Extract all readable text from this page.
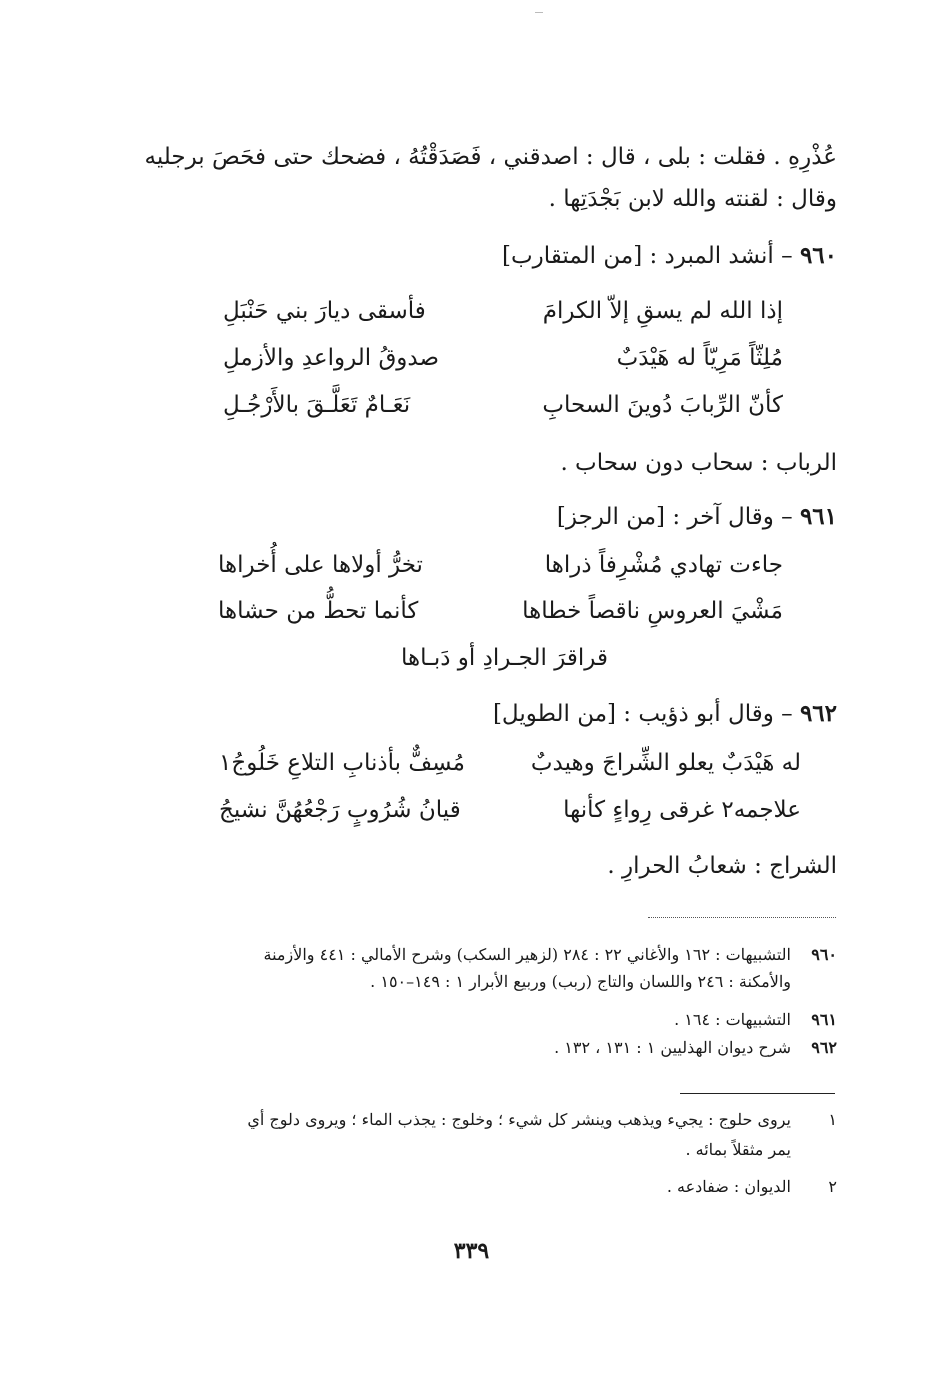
عُذْرِهِ . فقلت : بلى ، قال : اصدقني ، فَصَدَقْتُهُ ، فضحك حتى فحَصَ برجليه
وقال : لقنته والله لابن بَجْدَتِها .
٩٦٠ – أنشد المبرد : [من المتقارب]
إذا الله لم يسقِ إلاّ الكرامَ
فأسقى ديارَ بني حَنْبَلِ
مُلِثّاً مَرِيّاً له هَيْدَبٌ
صدوقُ الرواعدِ والأزملِ
كأنّ الرِّبابَ دُوينَ السحابِ
نَعَـامٌ تَعَلَّـقَ بالأَرْجُـلِ
الرباب : سحاب دون سحاب .
٩٦١ – وقال آخر : [من الرجز]
جاءت تهادي مُشْرِفاً ذراها
تخرُّ أولاها على أُخراها
مَشْيَ العروسِ ناقصاً خطاها
كأنما تحطُّ من حشاها
قراقرَ الجـرادِ أو دَبـاها
٩٦٢ – وقال أبو ذؤيب : [من الطويل]
له هَيْدَبٌ يعلو الشِّراجَ وهيدبٌ
مُسِفٌّ بأذنابِ التلاعِ خَلُوجُ١
علاجمه٢ غرقى رِواءٍ كأنها
قيانُ شُرُوبٍ رَجْعُهُنَّ نشيجُ
الشراج : شعابُ الحرارِ .
٩٦٠
التشبيهات : ١٦٢ والأغاني ٢٢ : ٢٨٤ (لزهير السكب) وشرح الأمالي : ٤٤١ والأزمنة
والأمكنة : ٢٤٦ واللسان والتاج (ربب) وربيع الأبرار ١ : ١٤٩–١٥٠ .
٩٦١
التشبيهات : ١٦٤ .
٩٦٢
شرح ديوان الهذليين ١ : ١٣١ ، ١٣٢ .
١
يروى حلوج : يجيء ويذهب وينشر كل شيء ؛ وخلوج : يجذب الماء ؛ ويروى دلوج أي
يمر مثقلاً بمائه .
٢
الديوان : ضفادعه .
٣٣٩
